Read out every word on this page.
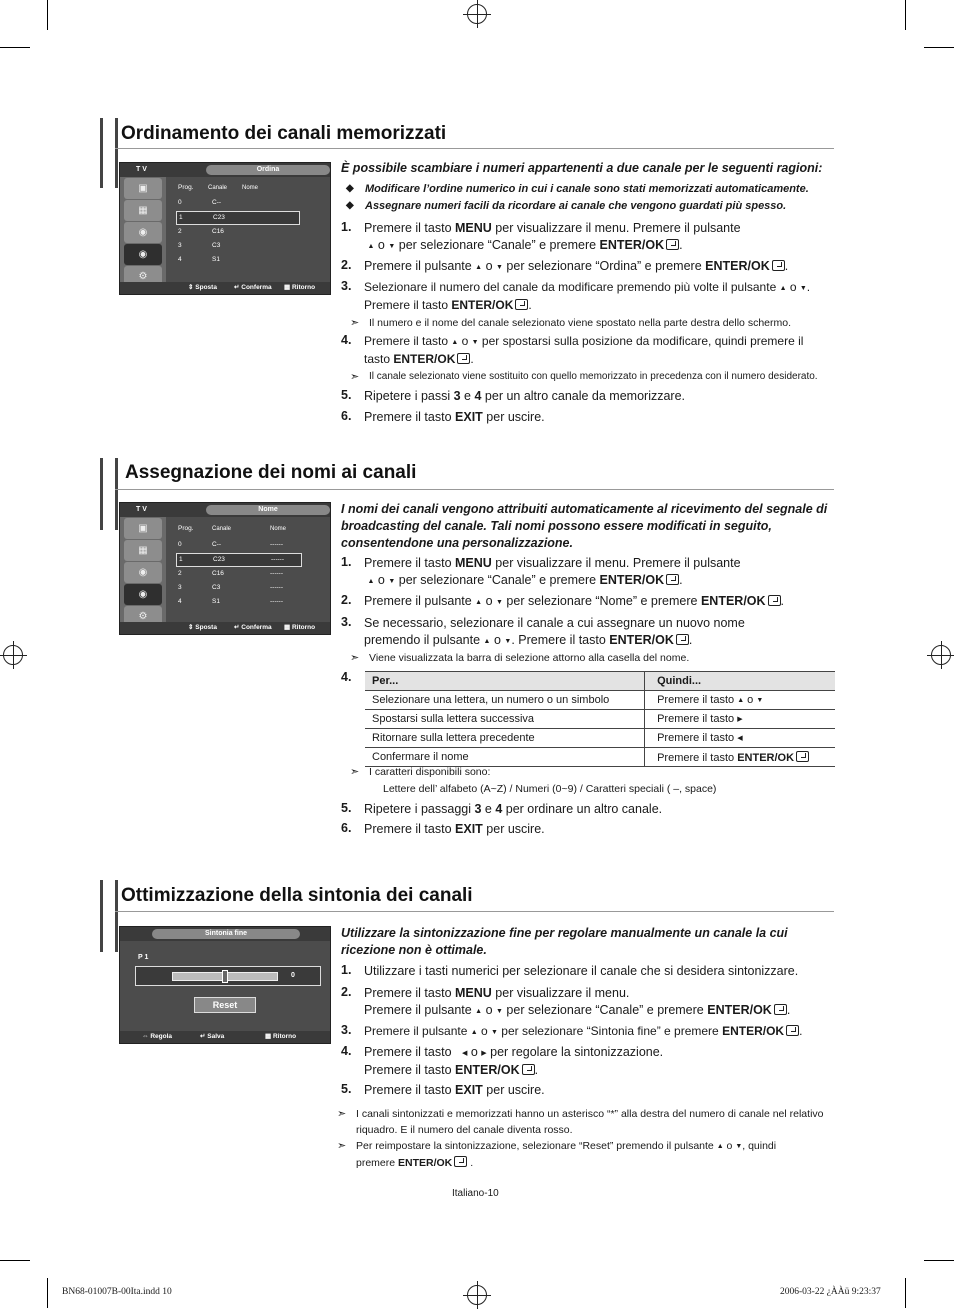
Ordinamento dei canali memorizzati
T V	Ordina
▣
▦
◉
◉
⚙
Prog. Canale Nome
0	C--
1	C23
2	C16
3	C3
4	S1
⇕ Sposta	↵ Conferma ▦ Ritorno
È possibile scambiare i numeri appartenenti a due canale per le seguenti ragioni:
◆ Modificare l’ordine numerico in cui i canale sono stati memorizzati automaticamente.
◆ Assegnare numeri facili da ricordare ai canale che vengono guardati più spesso.
1. Premere il tasto MENU per visualizzare il menu. Premere il pulsante
▲ o ▼ per selezionare “Canale” e premere ENTER/OK .
2. Premere il pulsante ▲ o ▼ per selezionare “Ordina” e premere ENTER/OK .
3. Selezionare il numero del canale da modificare premendo più volte il pulsante ▲ o ▼ .
Premere il tasto ENTER/OK .
➣ Il numero e il nome del canale selezionato viene spostato nella parte destra dello schermo.
4. Premere il tasto ▲ o ▼ per spostarsi sulla posizione da modificare, quindi premere il
tasto ENTER/OK .
➣ Il canale selezionato viene sostituito con quello memorizzato in precedenza con il numero desiderato.
5. Ripetere i passi 3 e 4 per un altro canale da memorizzare.
6. Premere il tasto EXIT per uscire.
Assegnazione dei nomi ai canali
T V	Nome
▣
▦
◉
◉
⚙
Prog.	Canale	Nome
0	C--	------
1	C23	------
2	C16	------
3	C3	------
4	S1	------
⇕ Sposta	↵ Conferma ▦ Ritorno
I nomi dei canali vengono attribuiti automaticamente al ricevimento del segnale di broadcasting del canale. Tali nomi possono essere modificati in seguito, consentendone una personalizzazione.
1. Premere il tasto MENU per visualizzare il menu. Premere il pulsante
▲ o ▼ per selezionare “Canale” e premere ENTER/OK .
2. Premere il pulsante ▲ o ▼ per selezionare “Nome” e premere ENTER/OK .
3. Se necessario, selezionare il canale a cui assegnare un nuovo nome
premendo il pulsante ▲ o ▼ . Premere il tasto ENTER/OK .
➣ Viene visualizzata la barra di selezione attorno alla casella del nome.
4. Per...	Quindi...
Selezionare una lettera, un numero o un simbolo	Premere il tasto ▲ o ▼
Spostarsi sulla lettera successiva	Premere il tasto ▶
Ritornare sulla lettera precedente	Premere il tasto ◀
Confermare il nome	Premere il tasto ENTER/OK
➣ I caratteri disponibili sono:
Lettere dell’ alfabeto (A~Z) / Numeri (0~9) / Caratteri speciali ( –, space)
5. Ripetere i passaggi 3 e 4 per ordinare un altro canale.
6. Premere il tasto EXIT per uscire.
Ottimizzazione della sintonia dei canali
Sintonia fine
P 1
0
Reset
⇔ Regola	↵ Salva	▦ Ritorno
Utilizzare la sintonizzazione fine per regolare manualmente un canale la cui ricezione non è ottimale.
1. Utilizzare i tasti numerici per selezionare il canale che si desidera sintonizzare.
2. Premere il tasto MENU per visualizzare il menu.
Premere il pulsante ▲ o ▼ per selezionare “Canale” e premere ENTER/OK .
3. Premere il pulsante ▲ o ▼ per selezionare “Sintonia fine” e premere ENTER/OK .
4. Premere il tasto   ◀ o ▶ per regolare la sintonizzazione.
Premere il tasto ENTER/OK .
5. Premere il tasto EXIT per uscire.
➣ I canali sintonizzati e memorizzati hanno un asterisco “*” alla destra del numero di canale nel relativo riquadro. E il numero del canale diventa rosso.
➣ Per reimpostare la sintonizzazione, selezionare “Reset” premendo il pulsante ▲ o ▼ , quindi
premere ENTER/OK .
Italiano-10
BN68-01007B-00Ita.indd 10	2006-03-22 ¿ÀÀü 9:23:37
